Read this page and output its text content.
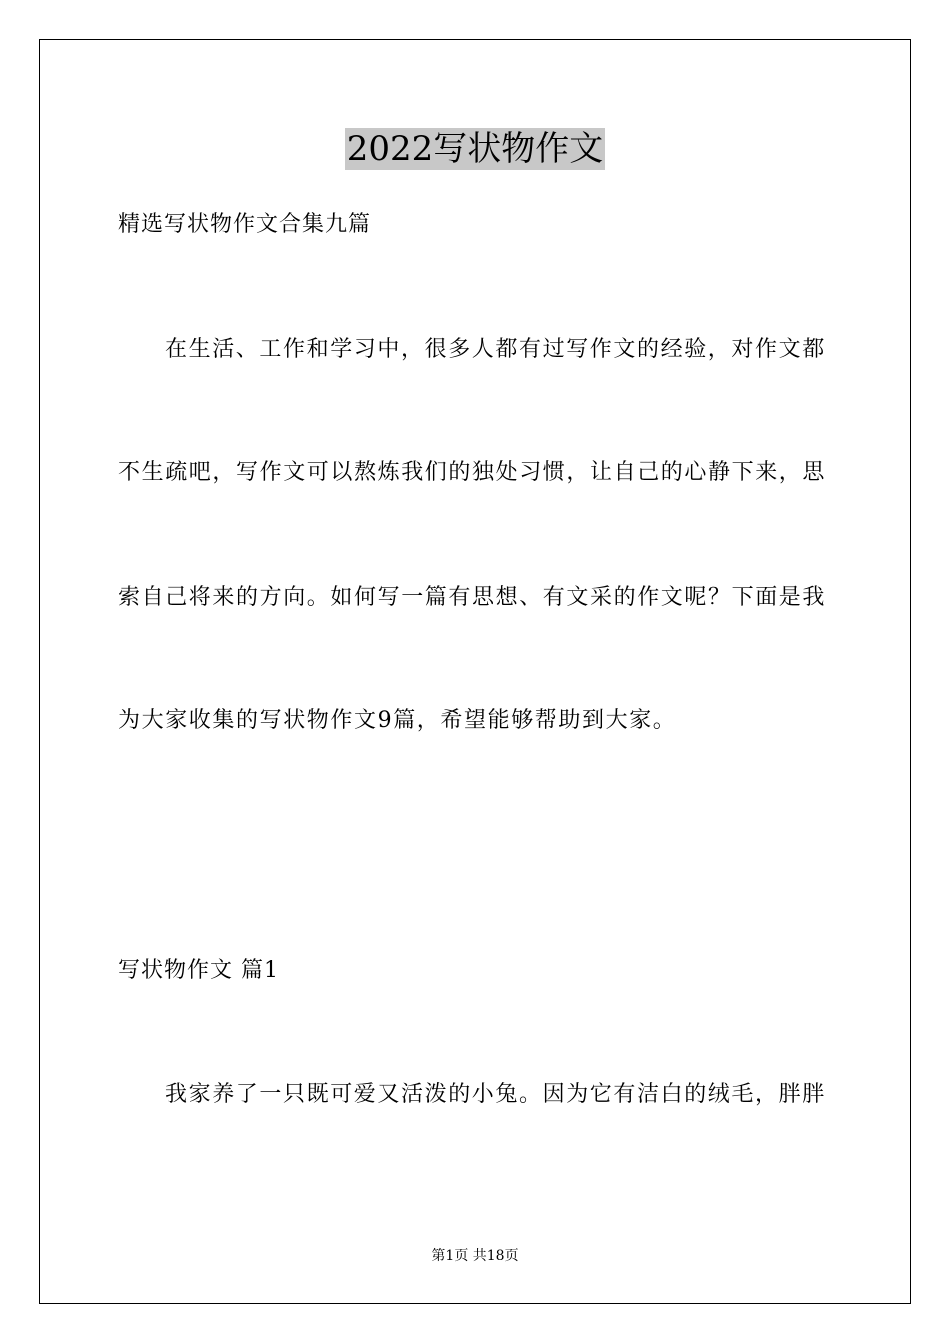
2022写状物作文
精选写状物作文合集九篇
在生活、工作和学习中，很多人都有过写作文的经验，对作文都
不生疏吧，写作文可以熬炼我们的独处习惯，让自己的心静下来，思
索自己将来的方向。如何写一篇有思想、有文采的作文呢？下面是我
为大家收集的写状物作文9篇，希望能够帮助到大家。
写状物作文 篇1
我家养了一只既可爱又活泼的小兔。因为它有洁白的绒毛，胖胖
第1页 共18页
